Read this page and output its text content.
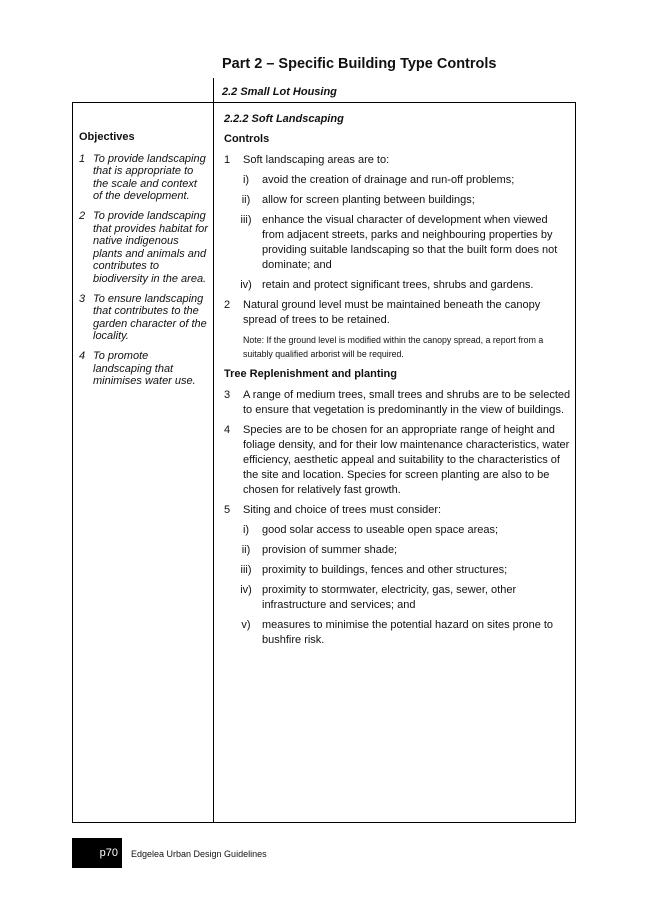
Part 2 – Specific Building Type Controls
2.2 Small Lot Housing
Objectives
1 To provide landscaping that is appropriate to the scale and context of the development.
2 To provide landscaping that provides habitat for native indigenous plants and animals and contributes to biodiversity in the area.
3 To ensure landscaping that contributes to the garden character of the locality.
4 To promote landscaping that minimises water use.
2.2.2 Soft Landscaping
Controls
1	Soft landscaping areas are to:
i)	avoid the creation of drainage and run-off problems;
ii)	allow for screen planting between buildings;
iii) enhance the visual character of development when viewed from adjacent streets, parks and neighbouring properties by providing suitable landscaping so that the built form does not dominate; and
iv) retain and protect significant trees, shrubs and gardens.
2	Natural ground level must be maintained beneath the canopy spread of trees to be retained.
Note: If the ground level is modified within the canopy spread, a report from a suitably qualified arborist will be required.
Tree Replenishment and planting
3	A range of medium trees, small trees and shrubs are to be selected to ensure that vegetation is predominantly in the view of buildings.
4	Species are to be chosen for an appropriate range of height and foliage density, and for their low maintenance characteristics, water efficiency, aesthetic appeal and suitability to the characteristics of the site and location. Species for screen planting are also to be chosen for relatively fast growth.
5	Siting and choice of trees must consider:
i)	good solar access to useable open space areas;
ii)	provision of summer shade;
iii) proximity to buildings, fences and other structures;
iv) proximity to stormwater, electricity, gas, sewer, other infrastructure and services; and
v)	measures to minimise the potential hazard on sites prone to bushfire risk.
p70 Edgelea Urban Design Guidelines
